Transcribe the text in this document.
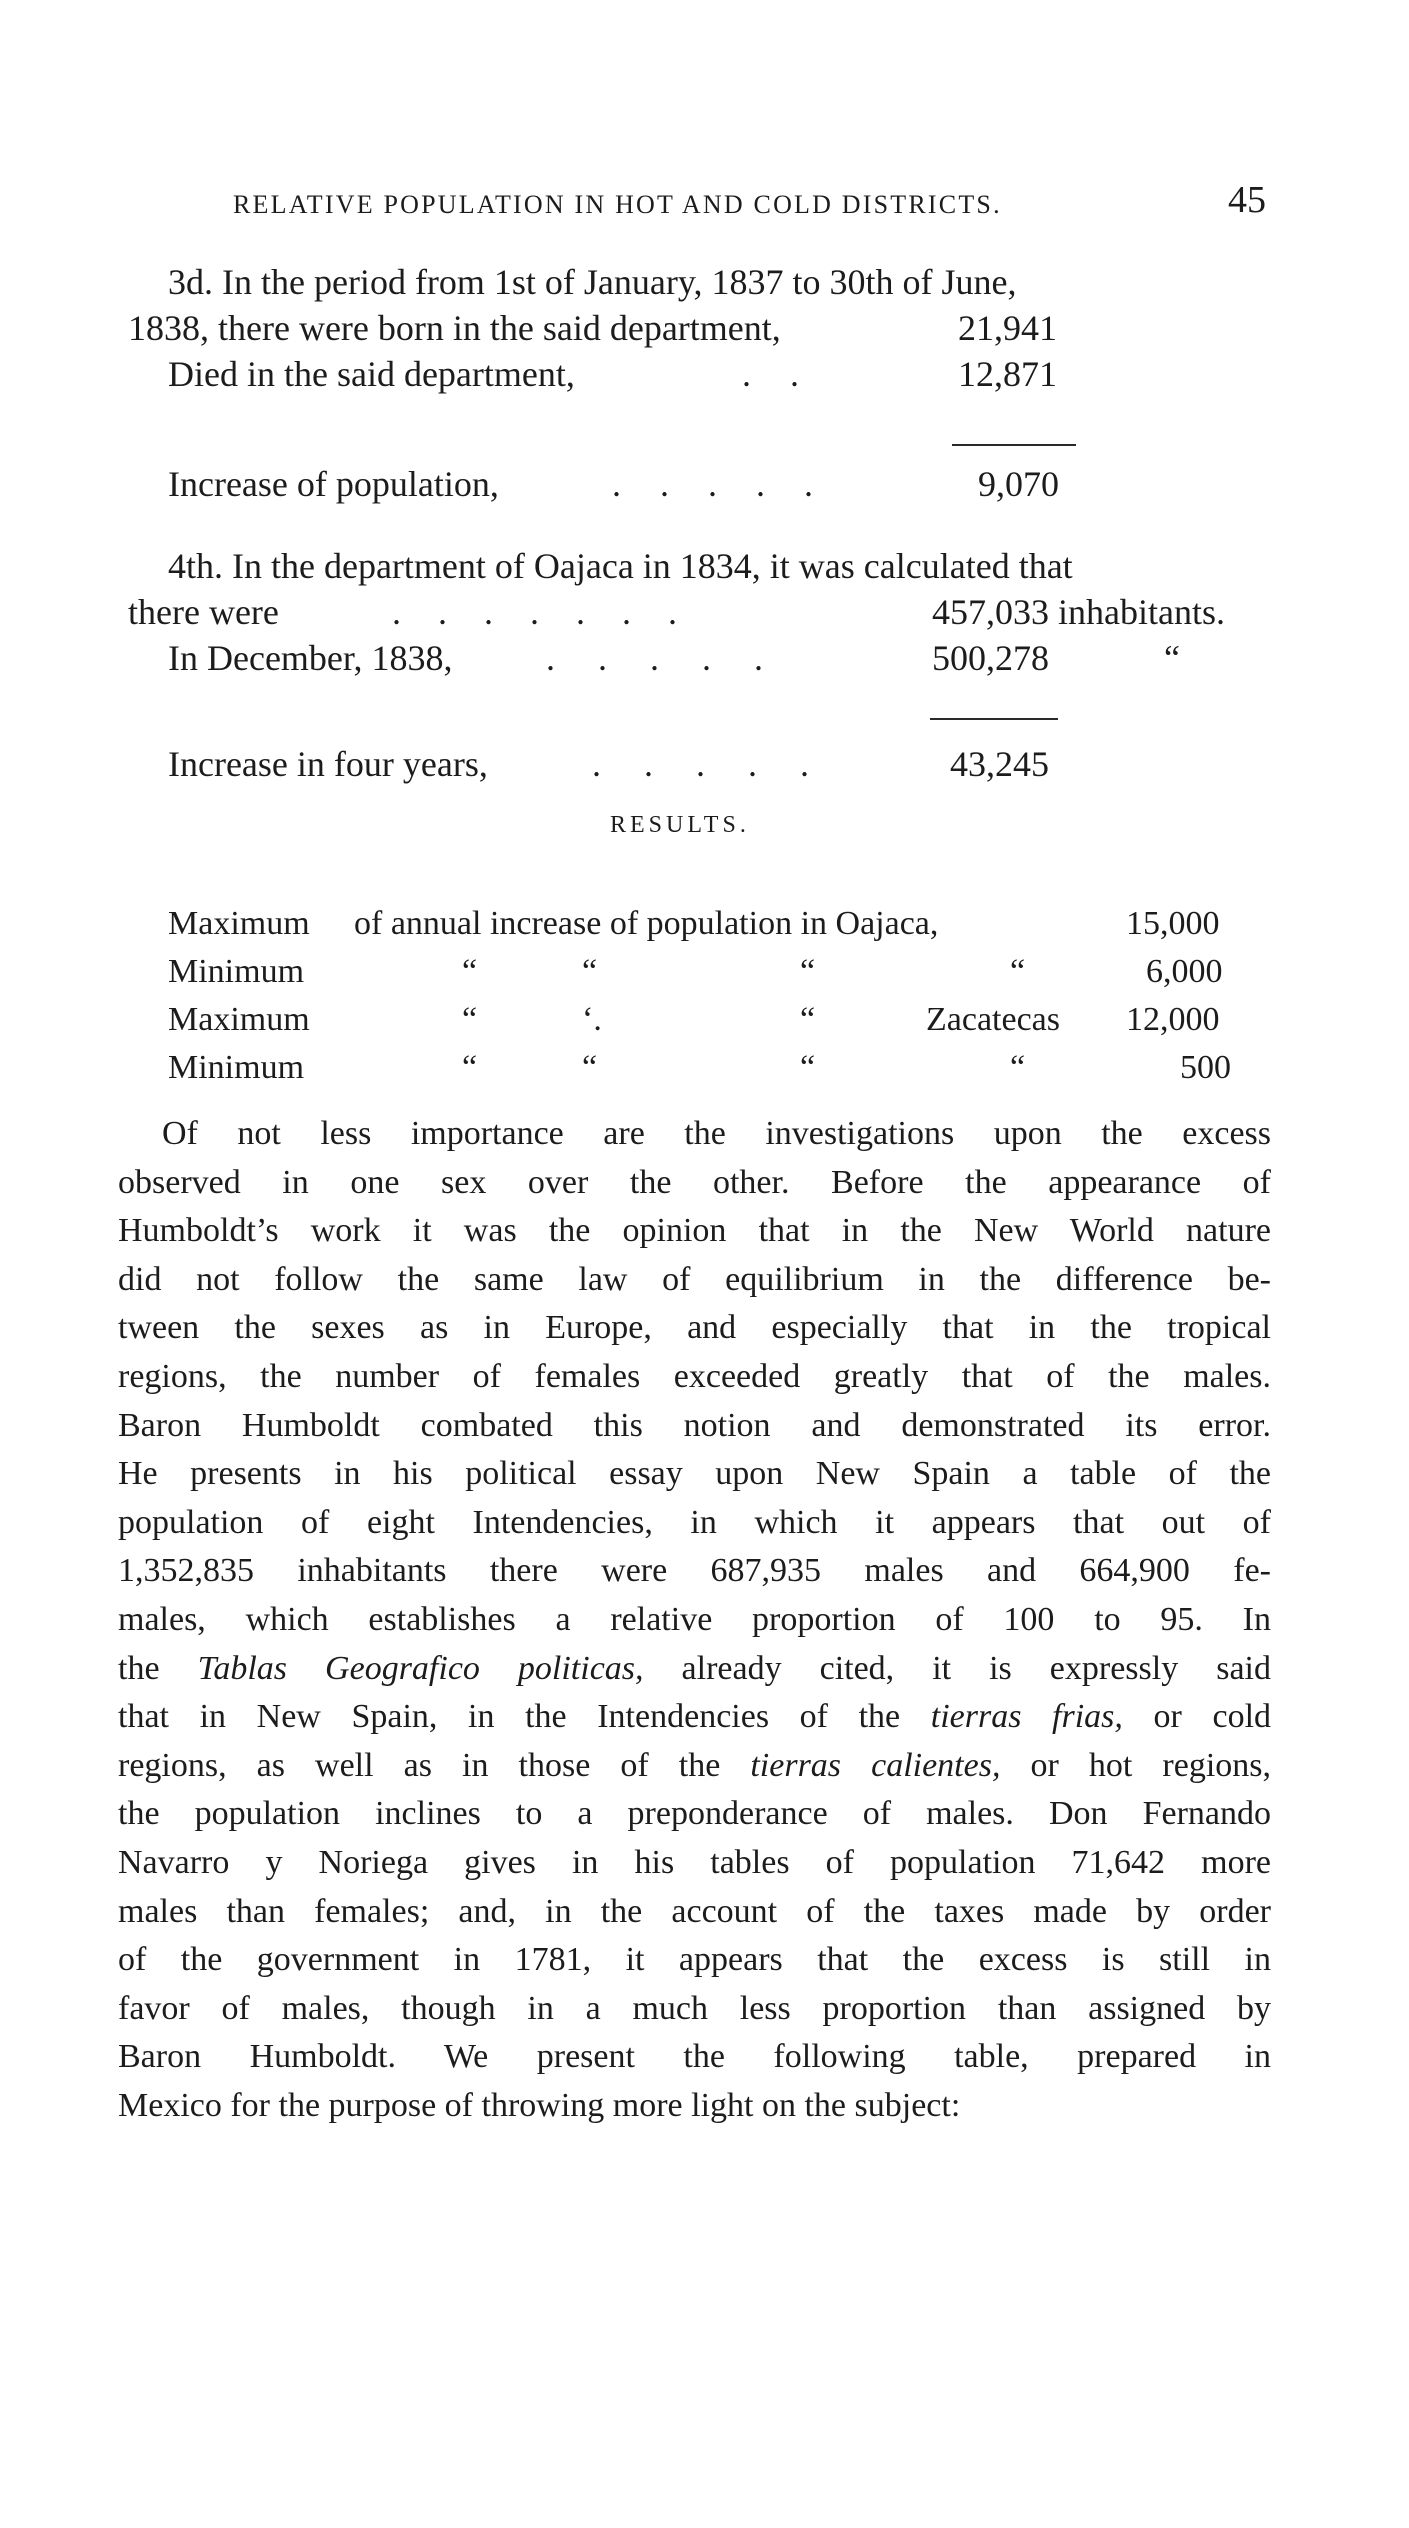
RELATIVE POPULATION IN HOT AND COLD DISTRICTS.	45
3d. In the period from 1st of January, 1837 to 30th of June,
1838, there were born in the said department,	21,941
Died in the said department,	. .	12,871
Increase of population,	. . . . .	9,070
4th. In the department of Oajaca in 1834, it was calculated that
there were	. . . . . . .	457,033 inhabitants.
In December, 1838,	. . . . .	500,278	“
Increase in four years,	. . . . .	43,245
RESULTS.
Maximum of annual increase of population in Oajaca,	15,000
Minimum	“	“	“	“	6,000
Maximum	“	‘.	“	Zacatecas 12,000
Minimum	“	“	“	“	500
Of not less importance are the investigations upon the excess
observed in one sex over the other. Before the appearance of
Humboldt’s work it was the opinion that in the New World nature
did not follow the same law of equilibrium in the difference be-
tween the sexes as in Europe, and especially that in the tropical
regions, the number of females exceeded greatly that of the males.
Baron Humboldt combated this notion and demonstrated its error.
He presents in his political essay upon New Spain a table of the
population of eight Intendencies, in which it appears that out of
1,352,835 inhabitants there were 687,935 males and 664,900 fe-
males, which establishes a relative proportion of 100 to 95. In
the Tablas Geografico politicas, already cited, it is expressly said
that in New Spain, in the Intendencies of the tierras frias, or cold
regions, as well as in those of the tierras calientes, or hot regions,
the population inclines to a preponderance of males. Don Fernando
Navarro y Noriega gives in his tables of population 71,642 more
males than females; and, in the account of the taxes made by order
of the government in 1781, it appears that the excess is still in
favor of males, though in a much less proportion than assigned by
Baron Humboldt. We present the following table, prepared in
Mexico for the purpose of throwing more light on the subject:
